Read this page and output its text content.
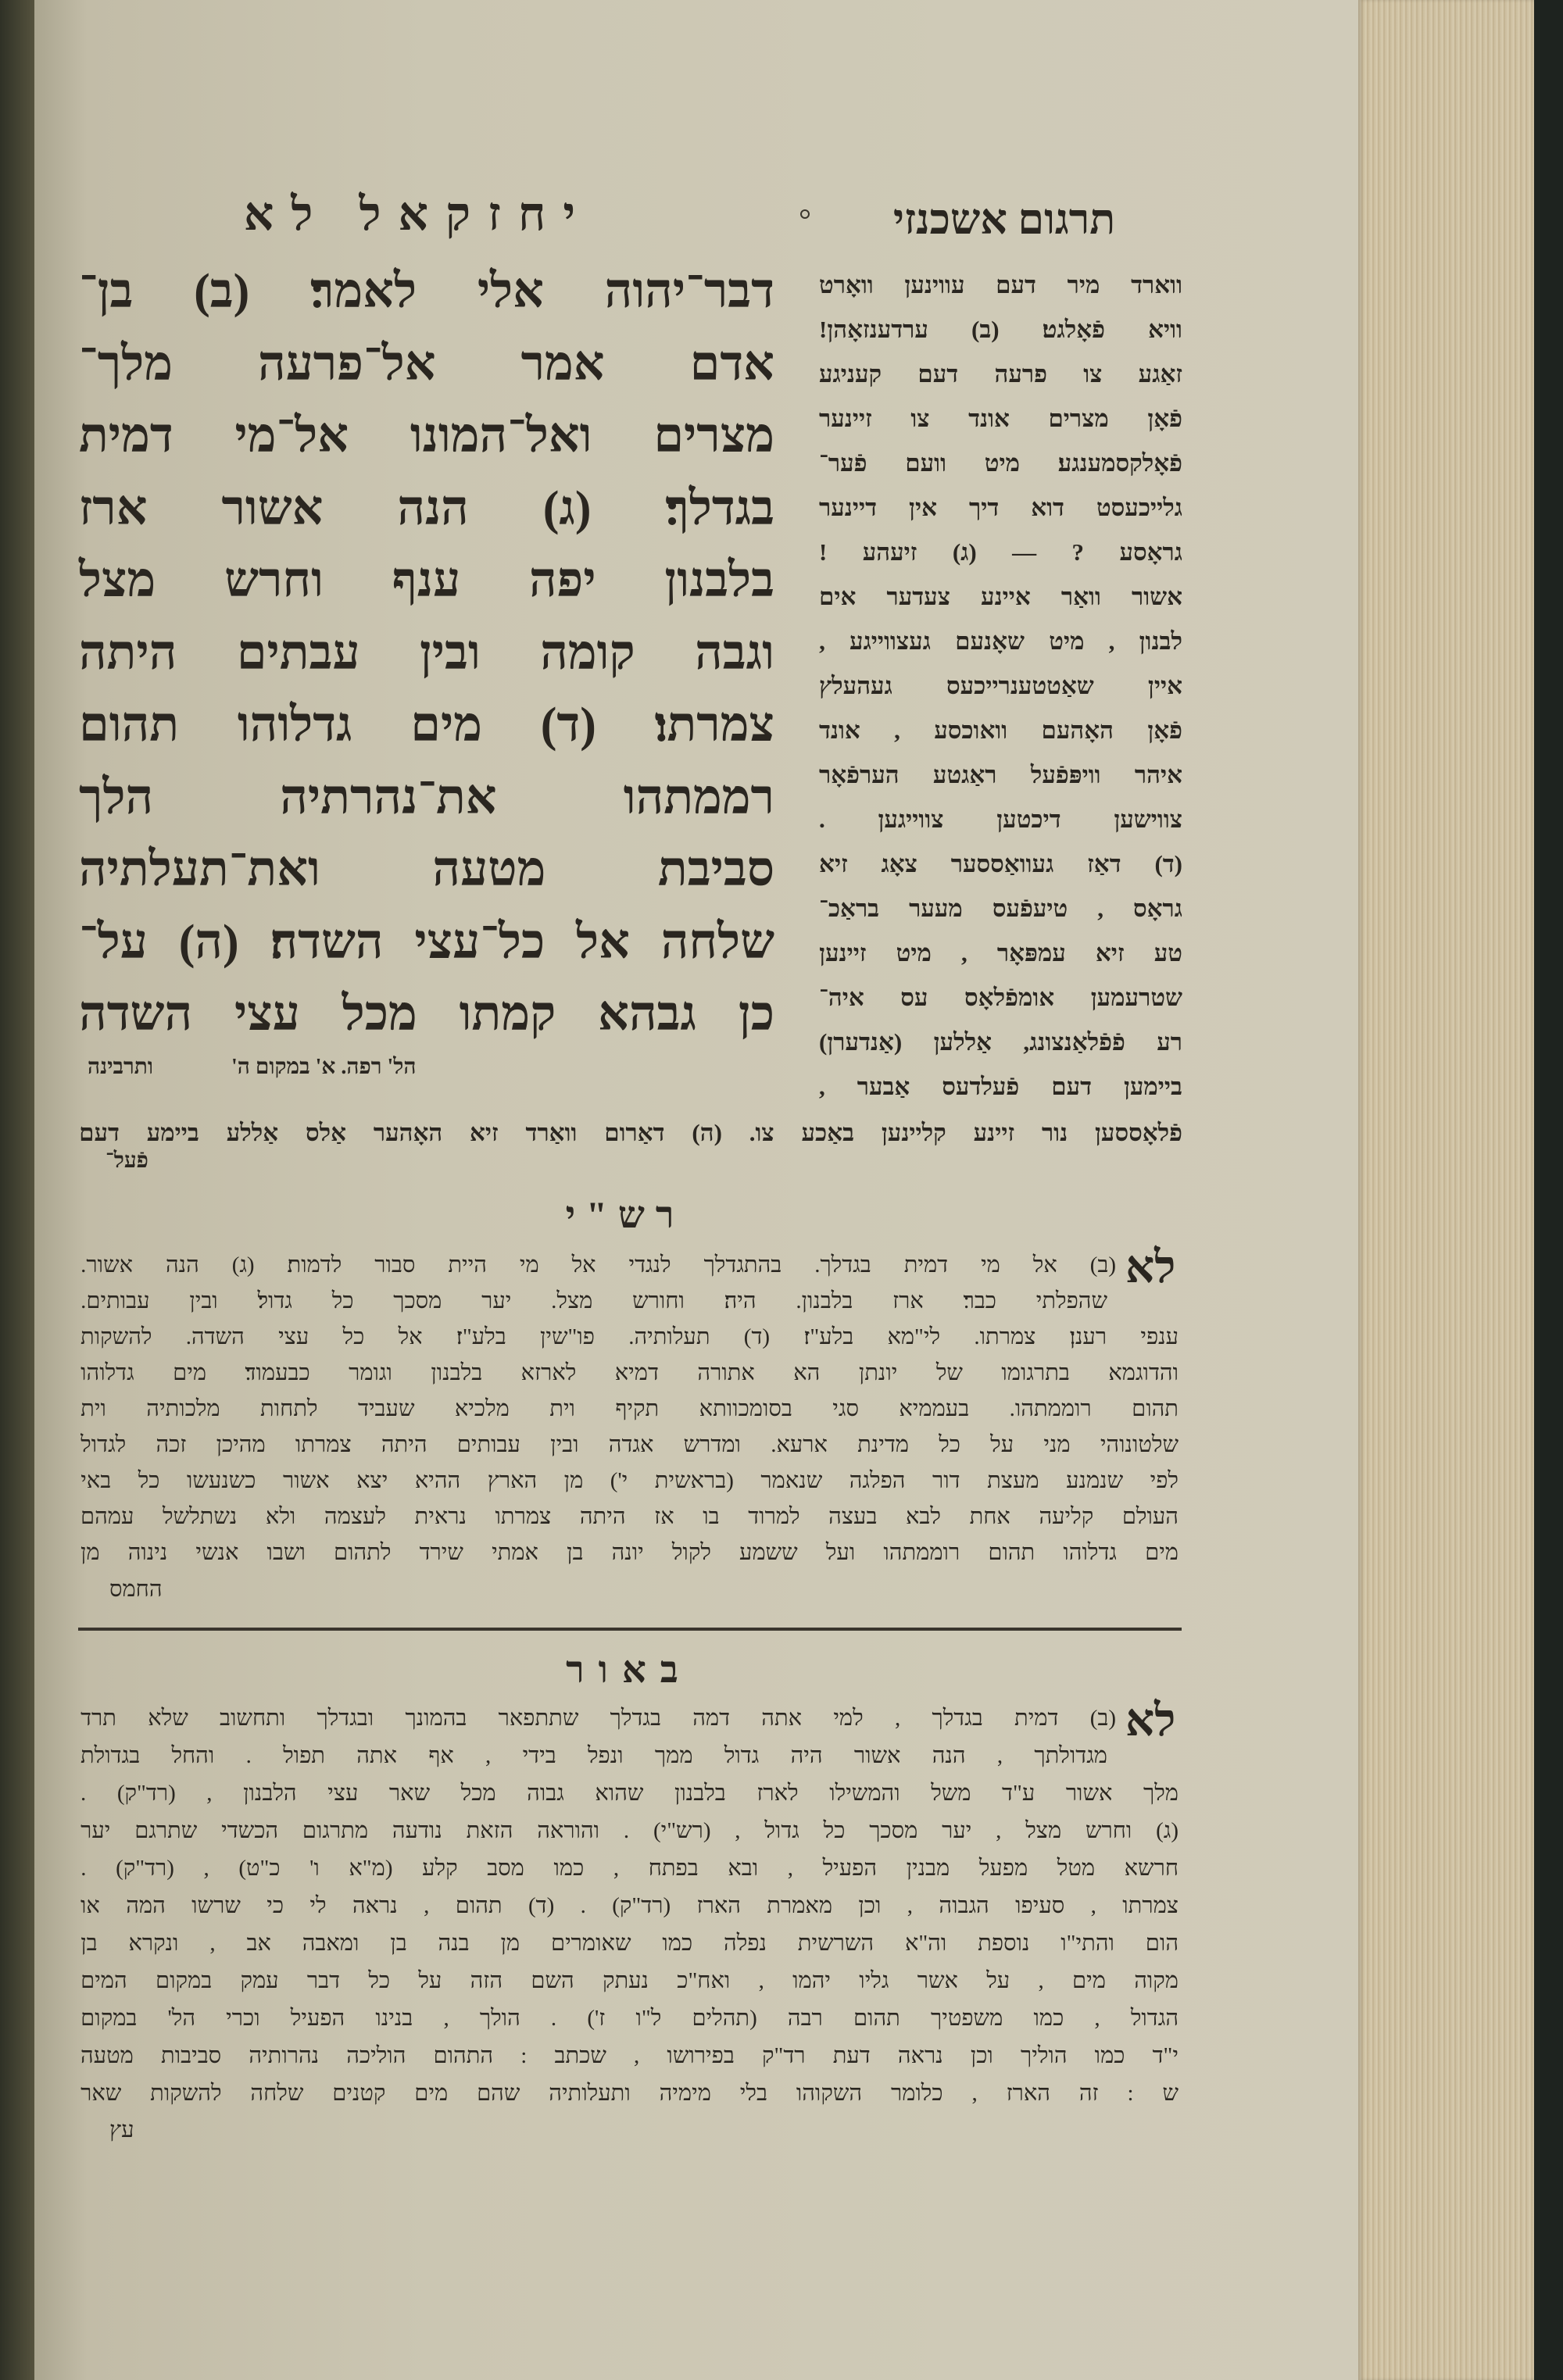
יחזקאל לא	תרגום אשכנזי
דבר־יהוה
אלי
לאמר׃
(ב)
בן־
אדם
אמר
אל־פרעה
מלך־
מצרים
ואל־המונו
אל־מי
דמית
בגדלך׃
(ג)
הנה
אשור
ארז
בלבנון
יפה
ענף
וחרש
מצל
וגבה
קומה
ובין
עבתים
היתה
צמרתו׃
(ד)
מים
גדלוהו
תהום
רממתהו
את־נהרתיה
הלך
סביבת
מטעה
ואת־תעלתיה
שלחה
אל
כל־עצי
השדה׃
(ה)
על־
כן
גבהא
קמתו
מכל
עצי
השדה
ותרבינה	הל' רפה. א' במקום ה'
ווארד
מיר
דעם
עווינען
וואָרט
וויא
פֿאָלגט׃
(ב)
ערדענזאָהן!
זאַגע
צו
פרעה
דעם
קעניגע
פֿאָן
מצרים
אונד
צו
זיינער
פֿאָלקסמענגע׃
מיט
וועם
פֿער־
גלייכעסט
דוא
דיך
אין
דיינער
גראָסע
?
—
(ג)
זיעהע
!
אשור
וואַר
איינע
צעדער
אים
לבנון
,
מיט
שאָנעם
געצווייגע
,
איין
שאַטטענרייכעס
געהעלץ
פֿאָן
האָהעם
וואוכסע
,
אונד
איהר
וויפּפֿעל
ראַגטע
הערפֿאָר
צווישען
דיכטען
צווייגען
.
(ד)
דאַז
געוואַססער
צאָג
זיא
גראָס
,
טיעפֿעס
מעער
בראַכ־
טע
זיא
עמפּאָר
,
מיט
זיינען
שטרעמען
אומפֿלאָס
עס
איה־
רע
פֿפֿלאַנצונג,
אַללען
(אַנדערן)
ביימען
דעם
פֿעלדעס
אַבער
,
פֿלאָססען
נור
זיינע
קליינען
באַכע
צו.
(ה)
דאַרום
וואַרד
זיא
האָהער
אַלס
אַללע
ביימע
דעם
פֿעל־
רש"י
לא
(ב)
אל
מי
דמית
בגדלך.
בהתגדלך
לנגדי
אל
מי
היית
סבור
לדמות׃
(ג)
הנה
אשור.
שהפלתי
כבר׃
ארז
בלבנון.
היה׃
וחורש
מצל.
יער
מסכך
כל
גדול׃
ובין
עבותים.
ענפי
רענן׃
צמרתו.
לי"מא
בלע"ז׃
(ד)
תעלותיה.
פו"שין
בלע"ז׃
אל
כל
עצי
השדה.
להשקות
והדוגמא
בתרגומו
של
יונתן
הא
אתורה
דמיא
לארזא
בלבנון
וגומר
כבעמוד׃
מים
גדלוהו
תהום
רוממתהו.
בעממיא
סגי
בסומכוותא
תקיף
וית
מלכיא
שעביד
לתחות
מלכותיה
וית
שלטונוהי
מני
על
כל
מדינת
ארעא.
ומדרש
אגדה
ובין
עבותים
היתה
צמרתו
מהיכן
זכה
לגדול
לפי
שנמנע
מעצת
דור
הפלגה
שנאמר
(בראשית
י')
מן
הארץ
ההיא
יצא
אשור
כשנעשו
כל
באי
העולם
קליעה
אחת
לבא
בעצה
למרוד
בו
אז
היתה
צמרתו
נראית
לעצמה
ולא
נשתלשל
עמהם
מים
גדלוהו
תהום
רוממתהו
ועל
ששמע
לקול
יונה
בן
אמתי
שירד
לתהום
ושבו
אנשי
נינוה
מן
החמס
באור
לא
(ב)
דמית
בגדלך
,
למי
אתה
דמה
בגדלך
שתתפאר
בהמונך
ובגדלך
ותחשוב
שלא
תרד
מגדולתך
,
הנה
אשור
היה
גדול
ממך
ונפל
בידי
,
אף
אתה
תפול
.
והחל
בגדולת
מלך
אשור
ע"ד
משל
והמשילו
לארז
בלבנון
שהוא
גבוה
מכל
שאר
עצי
הלבנון
,
(רד"ק)
.
(ג)
וחרש
מצל
,
יער
מסכך
כל
גדול
,
(רש"י)
.
והוראה
הזאת
נודעה
מתרגום
הכשדי
שתרגם
יער
חרשא
מטל
מפעל
מבנין
הפעיל
,
ובא
בפתח
,
כמו
מסב
קלע
(מ"א
ו'
כ"ט)
,
(רד"ק)
.
צמרתו
,
סעיפו
הגבוה
,
וכן
מאמרת
הארז
(רד"ק)
.
(ד)
תהום
,
נראה
לי
כי
שרשו
המה
או
הום
והתי"ו
נוספת
וה"א
השרשית
נפלה
כמו
שאומרים
מן
בנה
בן
ומאבה
אב
,
ונקרא
בן
מקוה
מים
,
על
אשר
גליו
יהמו
,
ואח"כ
נעתק
השם
הזה
על
כל
דבר
עמק
במקום
המים
הגדול
,
כמו
משפטיך
תהום
רבה
(תהלים
ל"ו
ז')
.
הולך
,
בנינו
הפעיל
וכרי
הל'
במקום
י"ד
כמו
הוליך
וכן
נראה
דעת
רד"ק
בפירושו
,
שכתב
:
התהום
הוליכה
נהרותיה
סביבות
מטעה
ש
:
זה
הארז
,
כלומר
השקוהו
בלי
מימיה
ותעלותיה
שהם
מים
קטנים
שלחה
להשקות
שאר
עץ
